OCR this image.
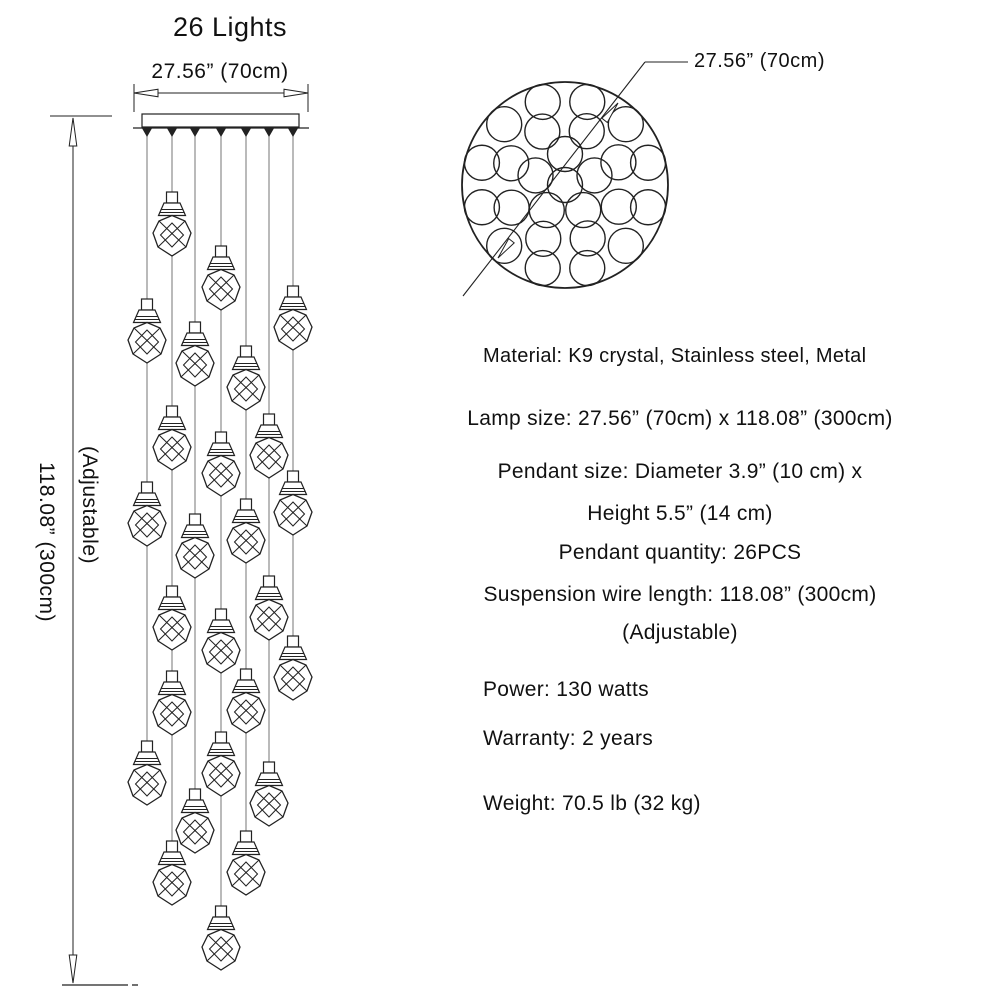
26 Lights
27.56” (70cm)
118.08” (300cm) (Adjustable)
27.56” (70cm)
Material: K9 crystal, Stainless steel, Metal
Lamp size: 27.56” (70cm) x 118.08” (300cm)
Pendant size: Diameter 3.9” (10 cm) x
Height 5.5” (14 cm)
Pendant quantity: 26PCS
Suspension wire length: 118.08” (300cm)
(Adjustable)
Power: 130 watts
Warranty: 2 years
Weight: 70.5 lb (32 kg)
